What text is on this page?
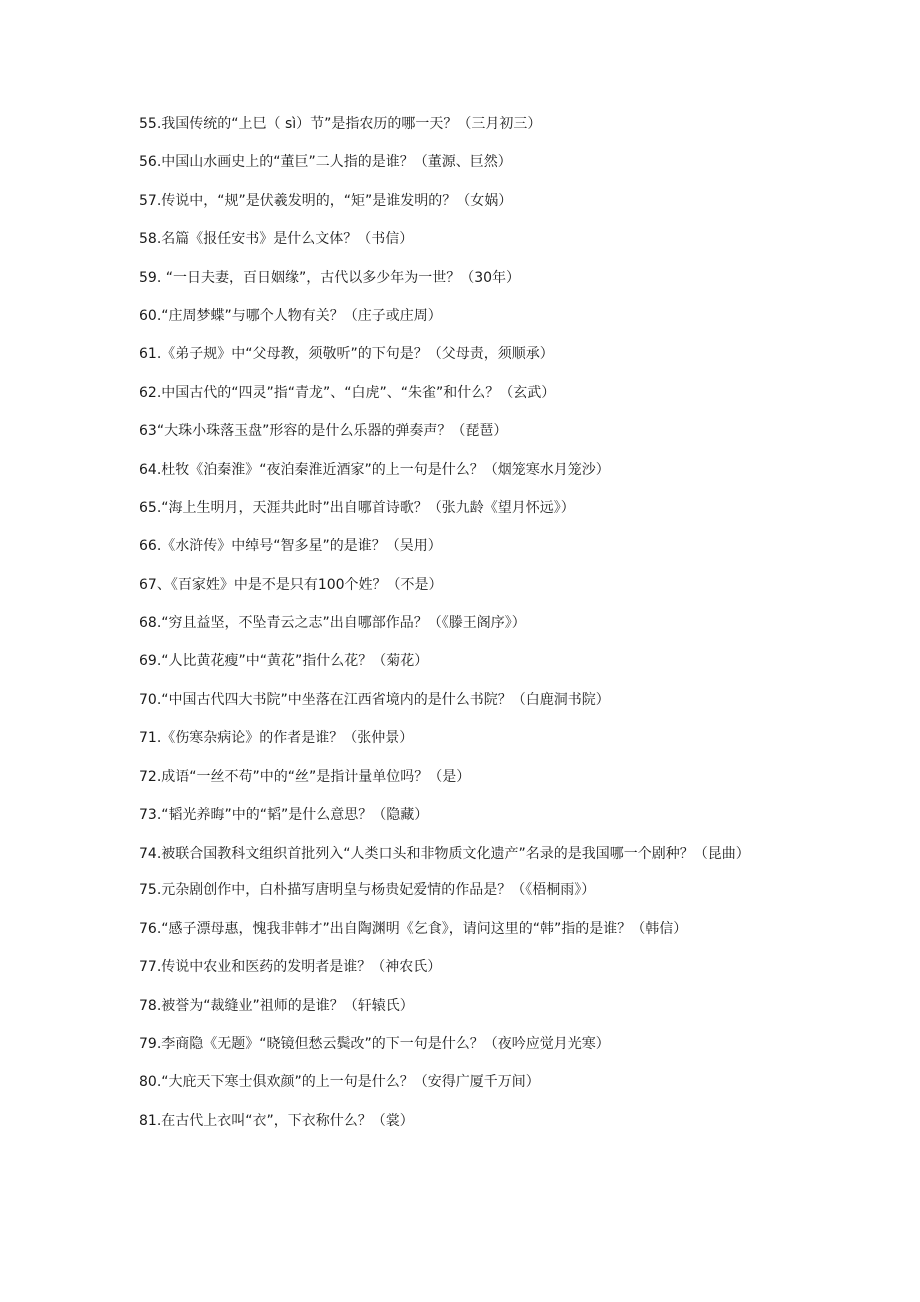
55.我国传统的“上巳（ sì）节”是指农历的哪一天？（三月初三）
56.中国山水画史上的“董巨”二人指的是谁？（董源、巨然）
57.传说中，“规”是伏羲发明的，“矩”是谁发明的？（女娲）
58.名篇《报任安书》是什么文体？（书信）
59. “一日夫妻，百日姻缘”，古代以多少年为一世？（30年）
60.“庄周梦蝶”与哪个人物有关？（庄子或庄周）
61.《弟子规》中“父母教，须敬听”的下句是？（父母责，须顺承）
62.中国古代的“四灵”指“青龙”、“白虎”、“朱雀”和什么？（玄武）
63“大珠小珠落玉盘”形容的是什么乐器的弹奏声？（琵琶）
64.杜牧《泊秦淮》“夜泊秦淮近酒家”的上一句是什么？（烟笼寒水月笼沙）
65.“海上生明月，天涯共此时”出自哪首诗歌？（张九龄《望月怀远》）
66.《水浒传》中绰号“智多星”的是谁？（吴用）
67、《百家姓》中是不是只有100个姓？（不是）
68.“穷且益坚，不坠青云之志”出自哪部作品？（《滕王阁序》）
69.“人比黄花瘦”中“黄花”指什么花？（菊花）
70.“中国古代四大书院”中坐落在江西省境内的是什么书院？（白鹿洞书院）
71.《伤寒杂病论》的作者是谁？（张仲景）
72.成语“一丝不苟”中的“丝”是指计量单位吗？（是）
73.“韬光养晦”中的“韬”是什么意思？（隐藏）
74.被联合国教科文组织首批列入“人类口头和非物质文化遗产”名录的是我国哪一个剧种？（昆曲）
75.元杂剧创作中，白朴描写唐明皇与杨贵妃爱情的作品是？（《梧桐雨》）
76.“感子漂母惠，愧我非韩才”出自陶渊明《乞食》，请问这里的“韩”指的是谁？（韩信）
77.传说中农业和医药的发明者是谁？（神农氏）
78.被誉为“裁缝业”祖师的是谁？（轩辕氏）
79.李商隐《无题》“晓镜但愁云鬓改”的下一句是什么？（夜吟应觉月光寒）
80.“大庇天下寒士俱欢颜”的上一句是什么？（安得广厦千万间）
81.在古代上衣叫“衣”，下衣称什么？（裳）
